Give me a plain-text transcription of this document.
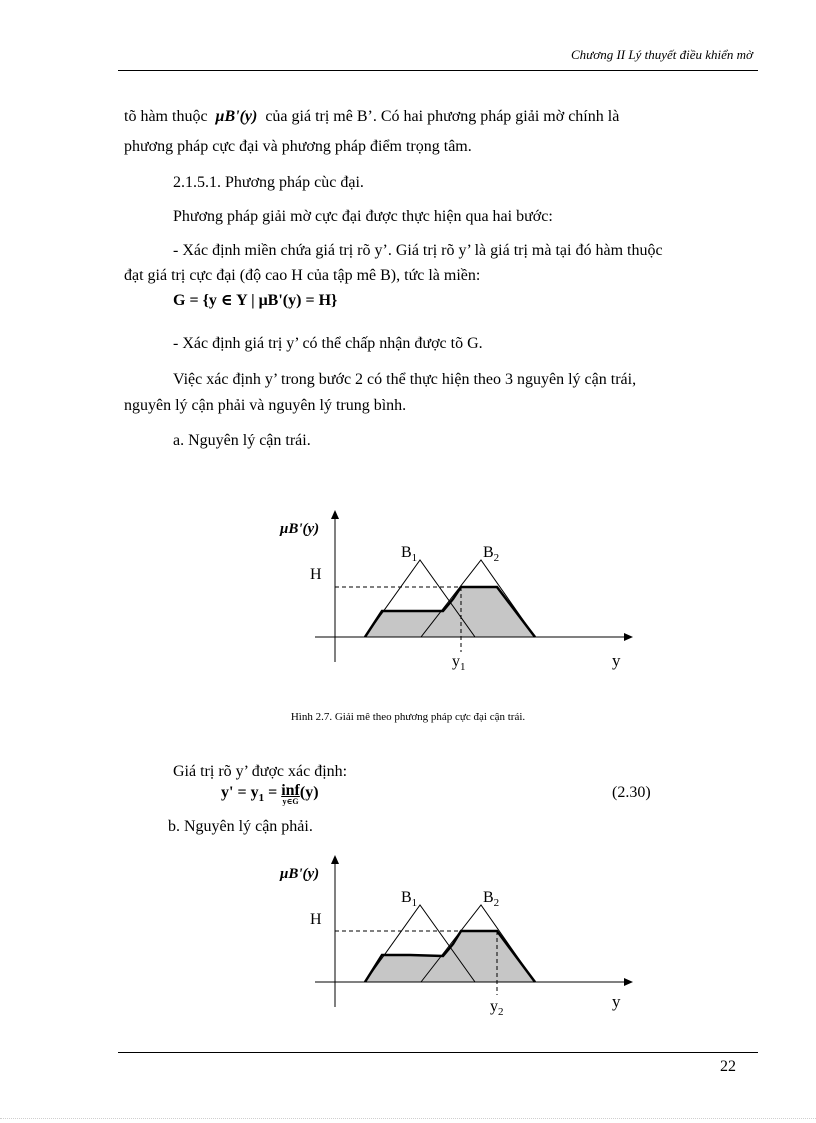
Chương II Lý thuyết điều khiển mờ
tõ hàm thuộc μB'(y) của giá trị mê B’. Có hai phương pháp giải mờ chính là
phương pháp cực đại và phương pháp điểm trọng tâm.
2.1.5.1. Phương pháp cùc đại.
Phương pháp giải mờ cực đại được thực hiện qua hai bước:
- Xác định miền chứa giá trị rõ y’. Giá trị rõ y’ là giá trị mà tại đó hàm thuộc
đạt giá trị cực đại (độ cao H của tập mê B), tức là miền:
G = {y ∈ Y | μB'(y) = H}
- Xác định giá trị y’ có thể chấp nhận được tõ G.
Việc xác định y’ trong bước 2 có thể thực hiện theo 3 nguyên lý cận trái,
nguyên lý cận phải và nguyên lý trung bình.
a. Nguyên lý cận trái.
μB'(y)
H
$B_1$	$B_2$
$y_1$	y
Hình 2.7. Giải mê theo phương pháp cực đại cận trái.
Giá trị rõ y’ được xác định:
$y' = y_1$ = inf
y∈G
(y)	(2.30)
b. Nguyên lý cận phải.
μB'(y)
H
$B_1$	$B_2$
$y_2$
y
22
